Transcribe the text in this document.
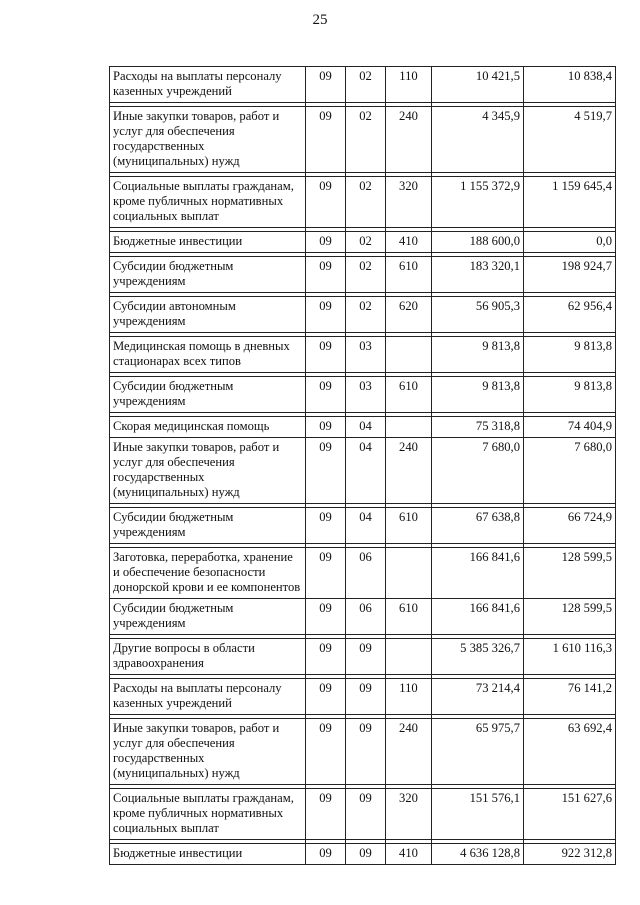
25
Расходы на выплаты персоналу казенных учреждений	09	02	110	10 421,5	10 838,4

Иные закупки товаров, работ и услуг для обеспечения государственных (муниципальных) нужд	09	02	240	4 345,9	4 519,7

Социальные выплаты гражданам, кроме публичных нормативных социальных выплат	09	02	320	1 155 372,9	1 159 645,4

Бюджетные инвестиции	09	02	410	188 600,0	0,0

Субсидии бюджетным учреждениям	09	02	610	183 320,1	198 924,7

Субсидии автономным учреждениям	09	02	620	56 905,3	62 956,4

Медицинская помощь в дневных стационарах всех типов	09	03		9 813,8	9 813,8

Субсидии бюджетным учреждениям	09	03	610	9 813,8	9 813,8

Скорая медицинская помощь	09	04		75 318,8	74 404,9
Иные закупки товаров, работ и услуг для обеспечения государственных (муниципальных) нужд	09	04	240	7 680,0	7 680,0

Субсидии бюджетным учреждениям	09	04	610	67 638,8	66 724,9

Заготовка, переработка, хранение и обеспечение безопасности донорской крови и ее компонентов	09	06		166 841,6	128 599,5
Субсидии бюджетным учреждениям	09	06	610	166 841,6	128 599,5

Другие вопросы в области здравоохранения	09	09		5 385 326,7	1 610 116,3

Расходы на выплаты персоналу казенных учреждений	09	09	110	73 214,4	76 141,2

Иные закупки товаров, работ и услуг для обеспечения государственных (муниципальных) нужд	09	09	240	65 975,7	63 692,4

Социальные выплаты гражданам, кроме публичных нормативных социальных выплат	09	09	320	151 576,1	151 627,6

Бюджетные инвестиции	09	09	410	4 636 128,8	922 312,8
